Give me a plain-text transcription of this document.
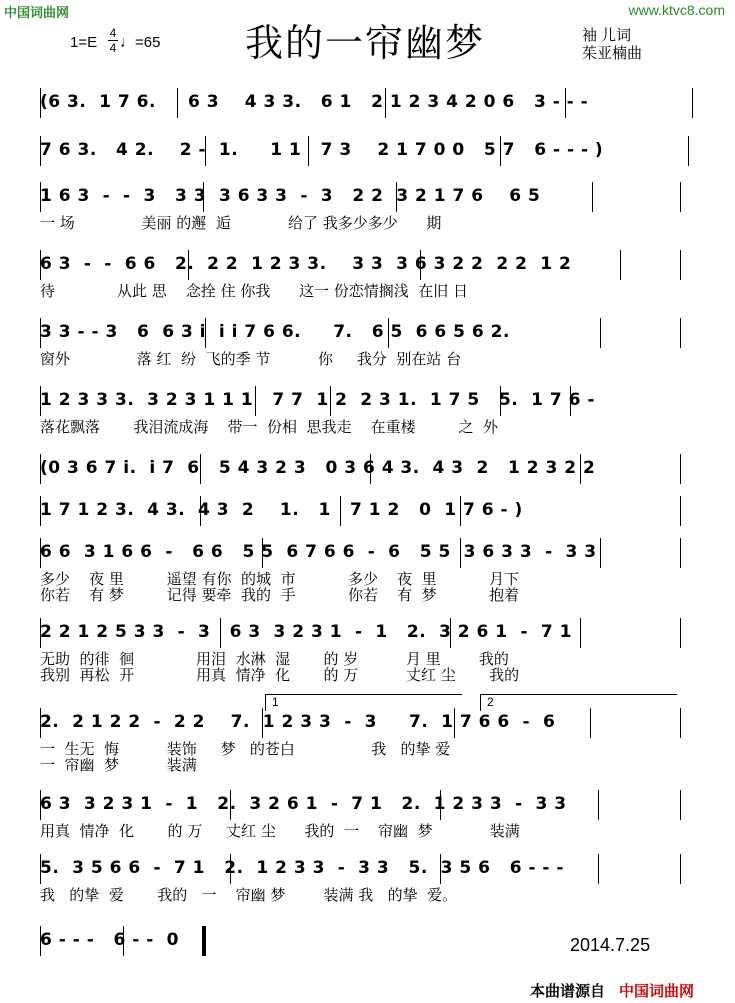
中国词曲网	www.ktvc8.com
1=E
4
4 ♩=65 我的一帘幽梦	袖 儿词
茱亚楠曲
(6 3.  1 7 6.     6 3    4 3 3.   6 1   2 1 2 3 4 2 0 6   3 - - -
7 6 3.   4 2.    2 -  1.     1 1   7 3    2 1 7 0 0   5 7   6 - - - )
1 6 3  -  -  3   3 3  3 6 3 3  -  3   2 2  3 2 1 7 6    6 5
一 场              美丽 的邂  逅            给了 我多少多少      期
6 3  -  -  6 6   2.  2 2  1 2 3 3.    3 3  3 6 3 2 2  2 2  1 2
待             从此 思    念拴 住 你我      这一 份恋情搁浅  在旧 日
3 3 - - 3   6  6 3 i  i i 7 6 6.     7.   6 5  6 6 5 6 2.
窗外              落 红  纷  飞的季 节          你     我分  别在站 台
1 2 3 3 3.  3 2 3 1 1 1   7 7  1 2  2 3 1.  1 7 5   5.  1 7 6 -
落花飘落       我泪流成海    带一  份相  思我走    在重楼         之  外
(0 3 6 7 i.  i 7  6   5 4 3 2 3   0 3 6 4 3.  4 3  2   1 2 3 2 2
1 7 1 2 3.  4 3.  4 3  2    1.   1   7 1 2   0  1 7 6 - )
6 6  3 1 6 6  -   6 6   5 5  6 7 6 6  -  6   5 5  3 6 3 3  -  3 3
多少    夜 里         遥望 有你  的城  市           多少    夜  里           月下
你若    有 梦         记得 要牵  我的  手           你若    有  梦           抱着
2 2 1 2 5 3 3  -  3   6 3  3 2 3 1  -  1   2.  3 2 6 1  -  7 1
无助  的徘  徊             用泪  水淋  湿       的 岁          月 里        我的
我别  再松  开             用真  情净  化       的 万          丈红 尘       我的
2.  2 1 2 2  -  2 2    7.  1 2 3 3  -  3     7.  1 7 6 6  -  6
一  生无  悔          装饰     梦   的苍白                我   的挚 爱
一  帘幽  梦          装满
6 3  3 2 3 1  -  1   2.  3 2 6 1  -  7 1   2.  1 2 3 3  -  3 3
用真  情净  化       的 万     丈红 尘      我的  一    帘幽  梦            装满
5.  3 5 6 6  -  7 1   2.  1 2 3 3  -  3 3   5.  3 5 6   6 - - -
我   的挚  爱       我的   一    帘幽 梦        装满 我   的挚  爱。
6 - - -   6 - -  0
1	2
2014.7.25
本曲谱源自 中国词曲网
